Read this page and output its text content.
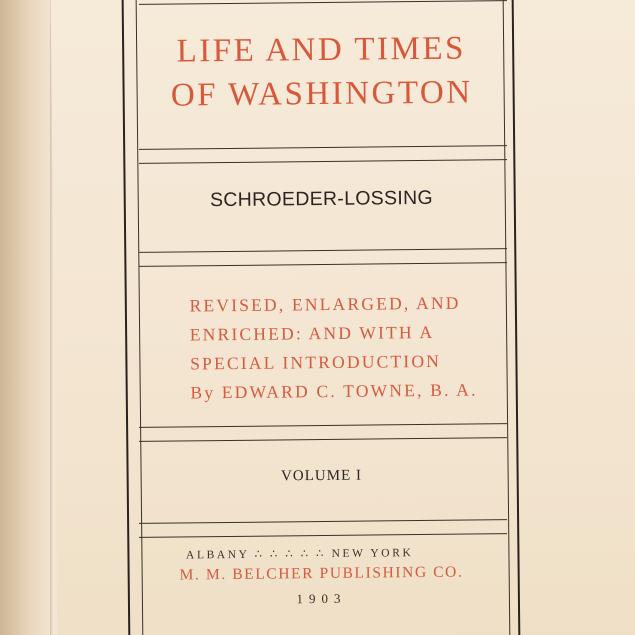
LIFE AND TIMES
OF WASHINGTON
SCHROEDER-LOSSING
REVISED, ENLARGED, AND
ENRICHED: AND WITH A
SPECIAL INTRODUCTION
By EDWARD C. TOWNE, B. A.
VOLUME I
ALBANY ∴ ∴ ∴ ∴ ∴ NEW YORK
M. M. BELCHER PUBLISHING CO.
1903
